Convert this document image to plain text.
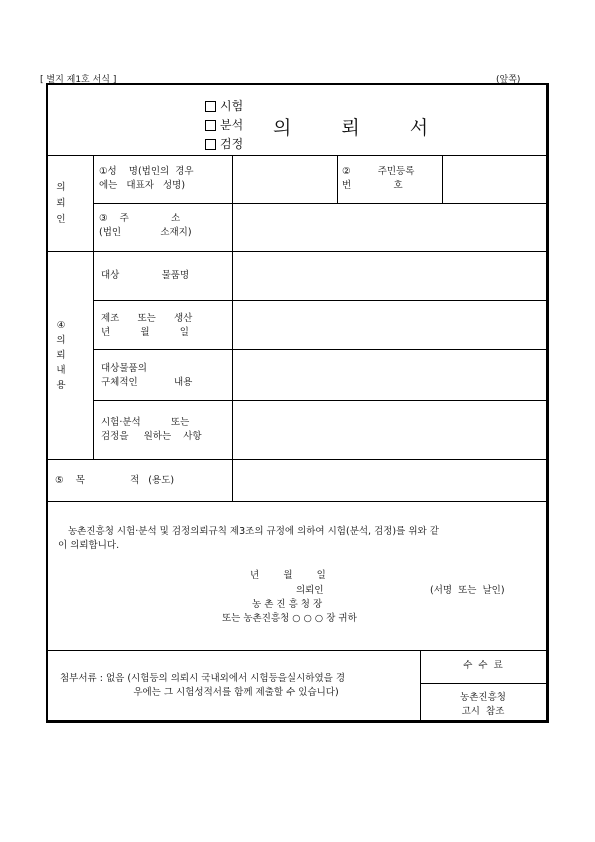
[ 별지 제1호 서식 ]	(앞쪽)
시험
분석
검정
의 뢰 서
의
뢰
인
①성    명(법인의  경우
에는   대표자   성명)
②         주민등록
번              호
③    주              소
(법인             소재지)
④
의
뢰
내
용
대상              물품명
제조      또는      생산
년          월          일
대상물품의
구체적인            내용
시험·분석          또는
검정을     원하는    사항
⑤    목               적   (용도)
농촌진흥청 시험·분석 및 검정의뢰규칙 제3조의 규정에 의하여 시험(분석, 검정)를 위와 같
이 의뢰합니다.
년        월        일
의뢰인	(서명  또는  날인)
농 촌 진 흥 청 장
또는 농촌진흥청 ○ ○ ○ 장 귀하
첨부서류 : 없음 (시험등의 의뢰시 국내외에서 시험등을실시하였을 경
우에는 그 시험성적서를 함께 제출할 수 있습니다)
수  수  료
농촌진흥청
고시  참조
